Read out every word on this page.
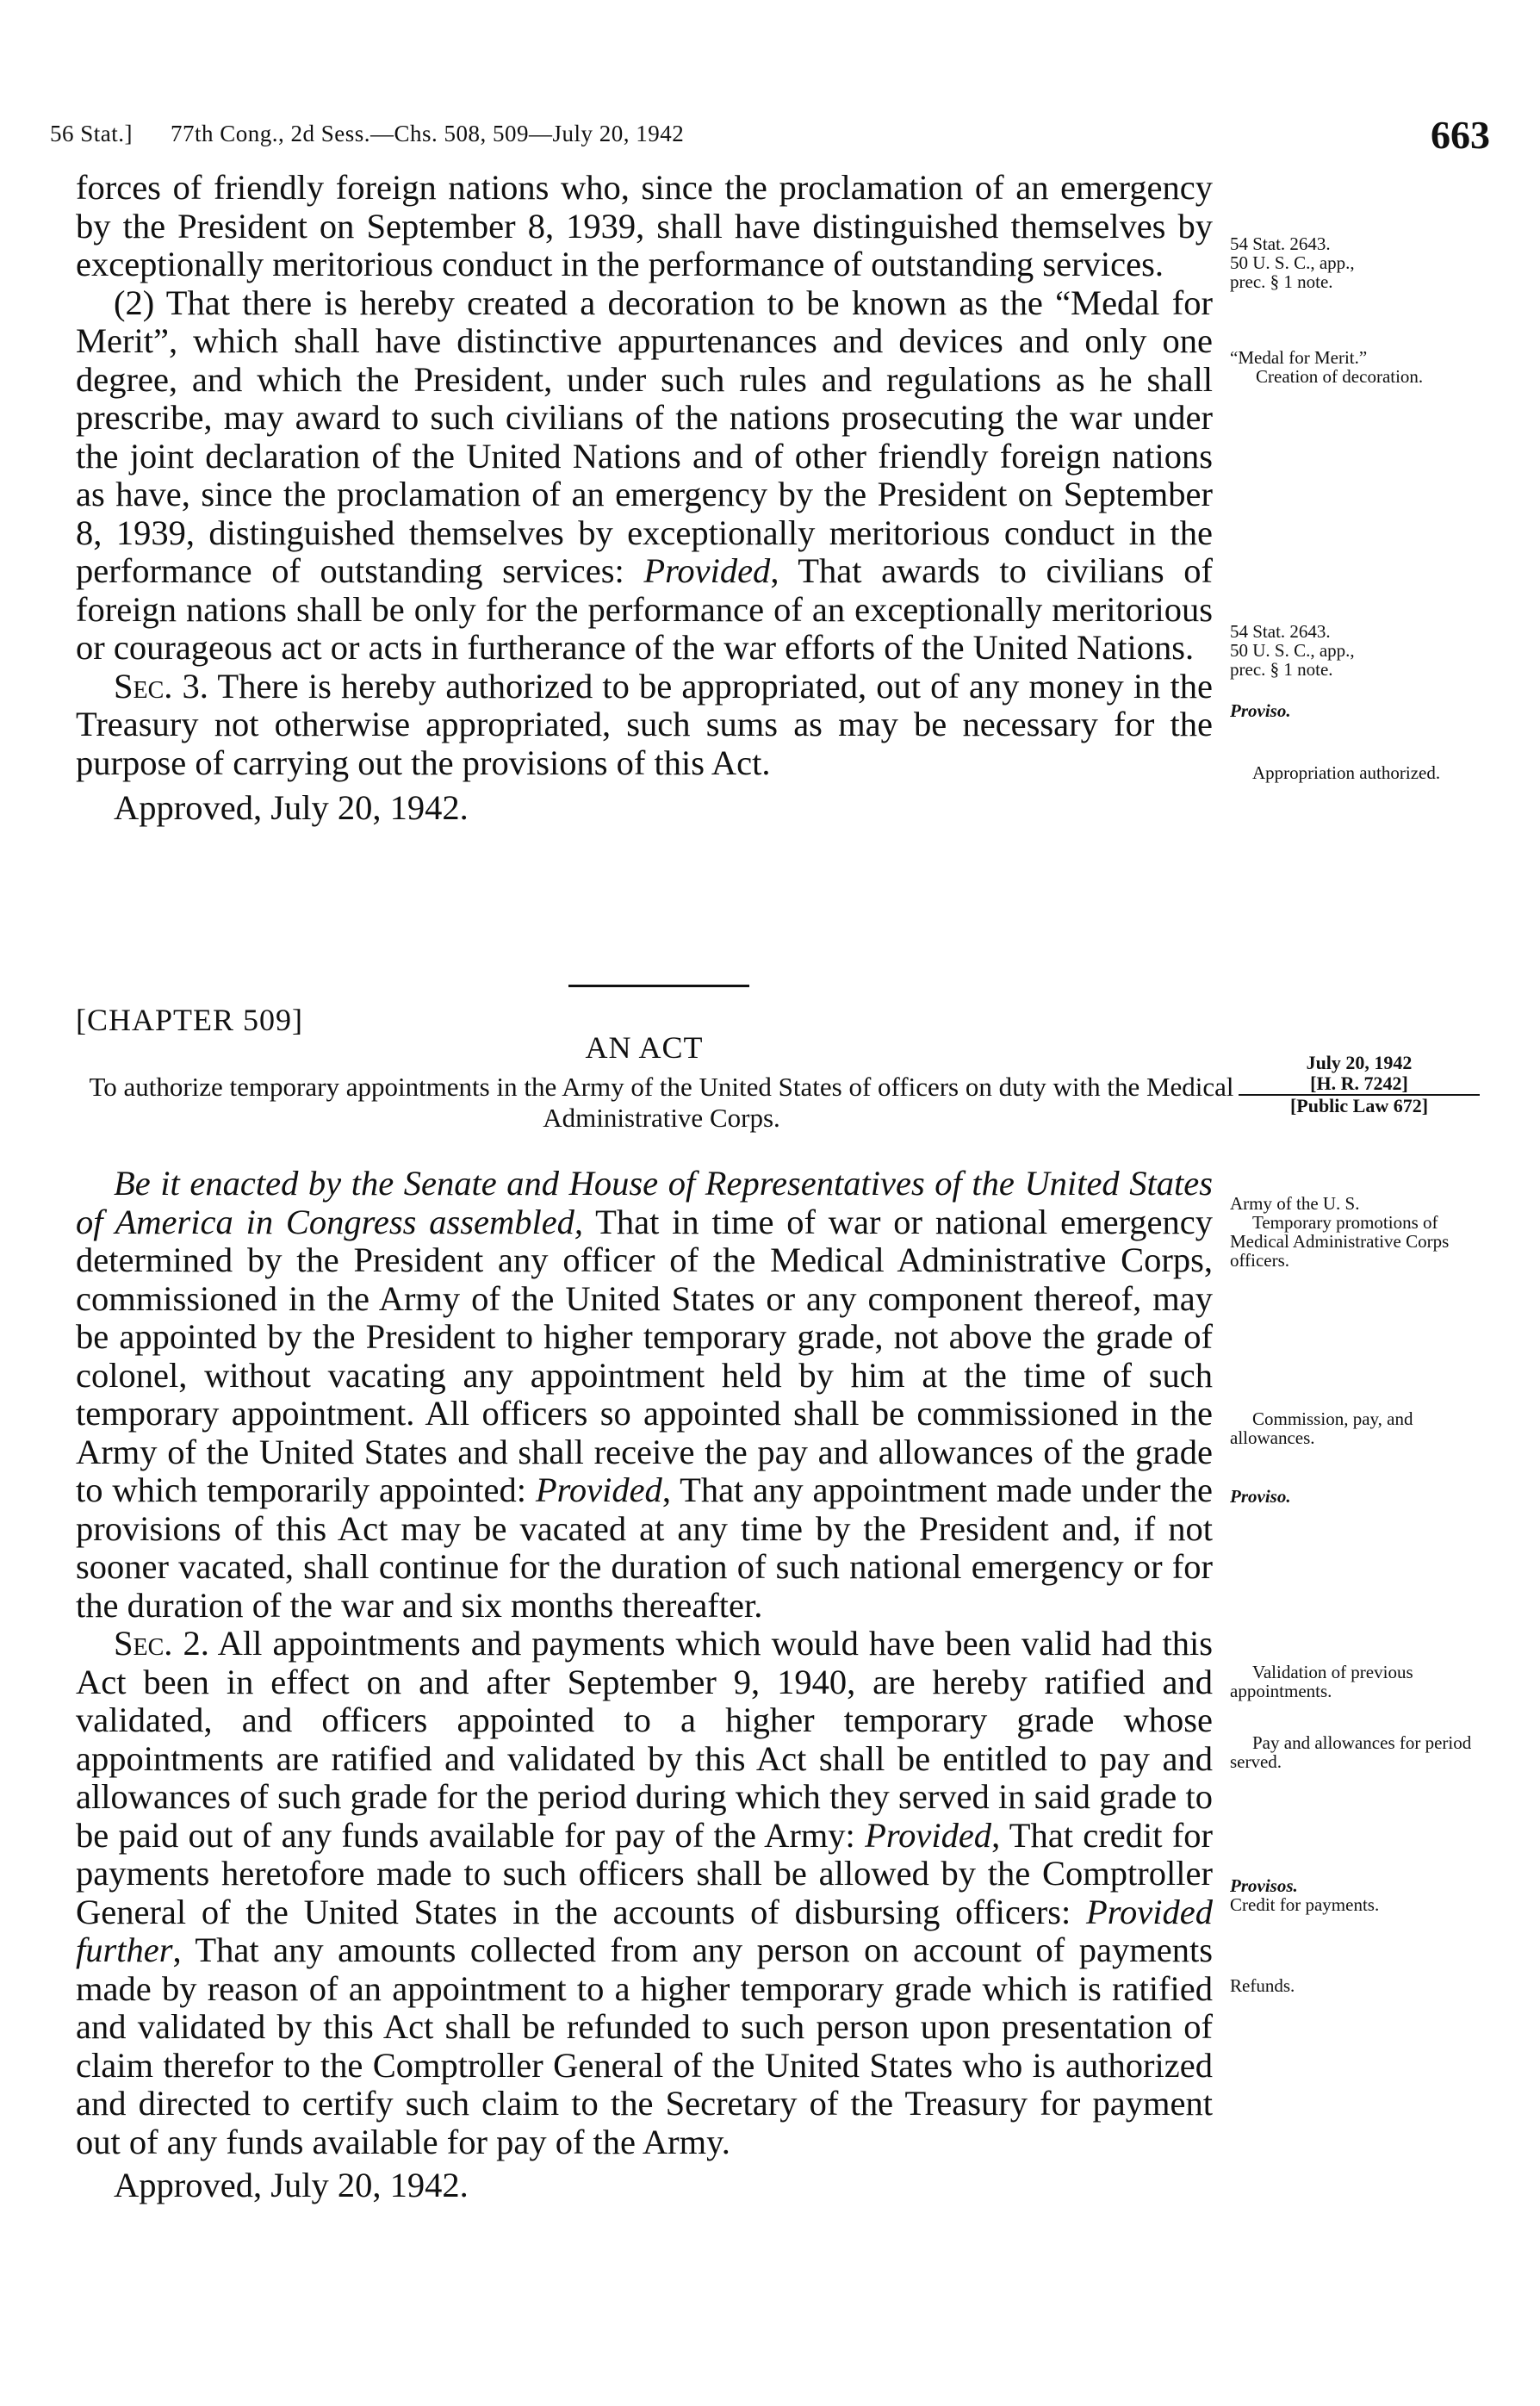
56 Stat.] 77th Cong., 2d Sess.—Chs. 508, 509—July 20, 1942	663

forces of friendly foreign nations who, since the proclamation of an emergency by the President on September 8, 1939, shall have distinguished themselves by exceptionally meritorious conduct in the performance of outstanding services.

(2) That there is hereby created a decoration to be known as the “Medal for Merit”, which shall have distinctive appurtenances and devices and only one degree, and which the President, under such rules and regulations as he shall prescribe, may award to such civilians of the nations prosecuting the war under the joint declaration of the United Nations and of other friendly foreign nations as have, since the proclamation of an emergency by the President on September 8, 1939, distinguished themselves by exceptionally meritorious conduct in the performance of outstanding services: Provided, That awards to civilians of foreign nations shall be only for the performance of an exceptionally meritorious or courageous act or acts in furtherance of the war efforts of the United Nations.

Sec. 3. There is hereby authorized to be appropriated, out of any money in the Treasury not otherwise appropriated, such sums as may be necessary for the purpose of carrying out the provisions of this Act.

Approved, July 20, 1942.

[CHAPTER 509]
AN ACT
To authorize temporary appointments in the Army of the United States of officers on duty with the Medical Administrative Corps.
July 20, 1942
[H. R. 7242]
[Public Law 672]

Be it enacted by the Senate and House of Representatives of the United States of America in Congress assembled, That in time of war or national emergency determined by the President any officer of the Medical Administrative Corps, commissioned in the Army of the United States or any component thereof, may be appointed by the President to higher temporary grade, not above the grade of colonel, without vacating any appointment held by him at the time of such temporary appointment. All officers so appointed shall be commissioned in the Army of the United States and shall receive the pay and allowances of the grade to which temporarily appointed: Provided, That any appointment made under the provisions of this Act may be vacated at any time by the President and, if not sooner vacated, shall continue for the duration of such national emergency or for the duration of the war and six months thereafter.

Sec. 2. All appointments and payments which would have been valid had this Act been in effect on and after September 9, 1940, are hereby ratified and validated, and officers appointed to a higher temporary grade whose appointments are ratified and validated by this Act shall be entitled to pay and allowances of such grade for the period during which they served in said grade to be paid out of any funds available for pay of the Army: Provided, That credit for payments heretofore made to such officers shall be allowed by the Comptroller General of the United States in the accounts of disbursing officers: Provided further, That any amounts collected from any person on account of payments made by reason of an appointment to a higher temporary grade which is ratified and validated by this Act shall be refunded to such person upon presentation of claim therefor to the Comptroller General of the United States who is authorized and directed to certify such claim to the Secretary of the Treasury for payment out of any funds available for pay of the Army.

Approved, July 20, 1942.

54 Stat. 2643.
50 U. S. C., app.,
prec. § 1 note.
“Medal for Merit.”
Creation of decoration.
54 Stat. 2643.
50 U. S. C., app.,
prec. § 1 note.
Proviso.
Appropriation authorized.
Army of the U. S.
Temporary promotions of Medical Administrative Corps officers.
Commission, pay, and allowances.
Proviso.
Validation of previous appointments.
Pay and allowances for period served.
Provisos.
Credit for payments.
Refunds.
